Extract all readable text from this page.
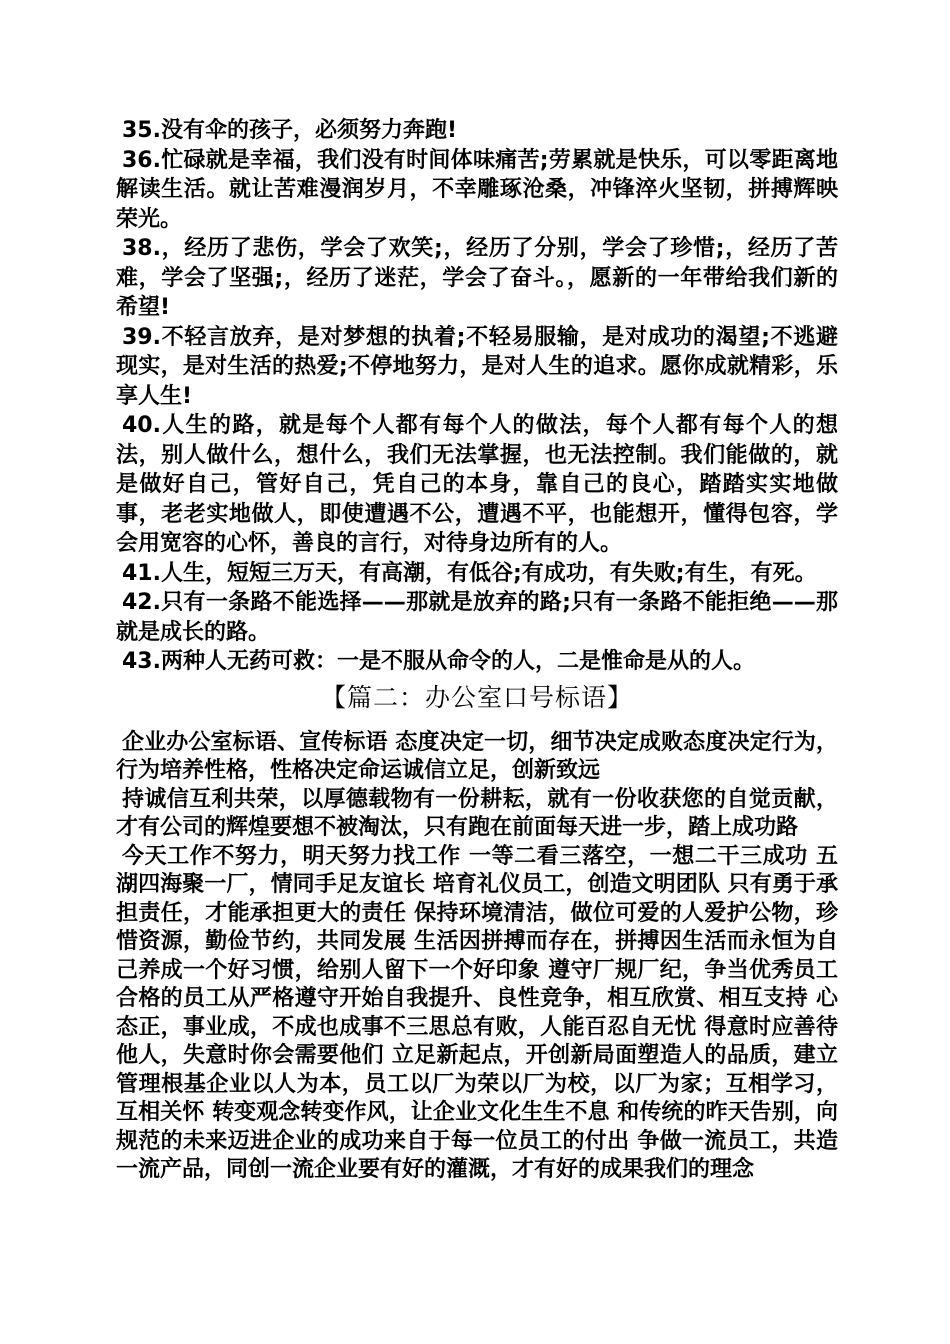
35.没有伞的孩子，必须努力奔跑!

36.忙碌就是幸福，我们没有时间体味痛苦;劳累就是快乐，可以零距离地解读生活。就让苦难漫润岁月，不幸雕琢沧桑，冲锋淬火坚韧，拼搏辉映荣光。

38.，经历了悲伤，学会了欢笑;，经历了分别，学会了珍惜;，经历了苦难，学会了坚强;，经历了迷茫，学会了奋斗。，愿新的一年带给我们新的希望!

39.不轻言放弃，是对梦想的执着;不轻易服输，是对成功的渴望;不逃避现实，是对生活的热爱;不停地努力，是对人生的追求。愿你成就精彩，乐享人生!

40.人生的路，就是每个人都有每个人的做法，每个人都有每个人的想法，别人做什么，想什么，我们无法掌握，也无法控制。我们能做的，就是做好自己，管好自己，凭自己的本身，靠自己的良心，踏踏实实地做事，老老实地做人，即使遭遇不公，遭遇不平，也能想开，懂得包容，学会用宽容的心怀，善良的言行，对待身边所有的人。

41.人生，短短三万天，有高潮，有低谷;有成功，有失败;有生，有死。

42.只有一条路不能选择——那就是放弃的路;只有一条路不能拒绝——那就是成长的路。

43.两种人无药可救：一是不服从命令的人，二是惟命是从的人。

【篇二：办公室口号标语】

企业办公室标语、宣传标语 态度决定一切，细节决定成败态度决定行为，行为培养性格，性格决定命运诚信立足，创新致远

持诚信互利共荣，以厚德载物有一份耕耘，就有一份收获您的自觉贡献，才有公司的辉煌要想不被淘汰，只有跑在前面每天进一步，踏上成功路

今天工作不努力，明天努力找工作 一等二看三落空，一想二干三成功 五湖四海聚一厂，情同手足友谊长 培育礼仪员工，创造文明团队 只有勇于承担责任，才能承担更大的责任 保持环境清洁，做位可爱的人爱护公物，珍惜资源，勤俭节约，共同发展 生活因拼搏而存在，拼搏因生活而永恒为自己养成一个好习惯，给别人留下一个好印象 遵守厂规厂纪，争当优秀员工合格的员工从严格遵守开始自我提升、良性竞争，相互欣赏、相互支持 心态正，事业成，不成也成事不三思总有败，人能百忍自无忧 得意时应善待他人，失意时你会需要他们 立足新起点，开创新局面塑造人的品质，建立管理根基企业以人为本，员工以厂为荣以厂为校，以厂为家；互相学习，互相关怀 转变观念转变作风，让企业文化生生不息 和传统的昨天告别，向规范的未来迈进企业的成功来自于每一位员工的付出 争做一流员工，共造一流产品，同创一流企业要有好的灌溉，才有好的成果我们的理念
